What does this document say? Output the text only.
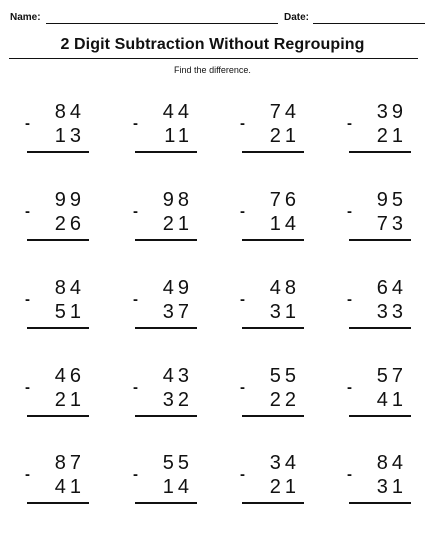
Name:	Date:
2 Digit Subtraction Without Regrouping
Find the difference.
84
-
13
44
-
11
74
-
21
39
-
21
99
-
26
98
-
21
76
-
14
95
-
73
84
-
51
49
-
37
48
-
31
64
-
33
46
-
21
43
-
32
55
-
22
57
-
41
87
-
41
55
-
14
34
-
21
84
-
31
